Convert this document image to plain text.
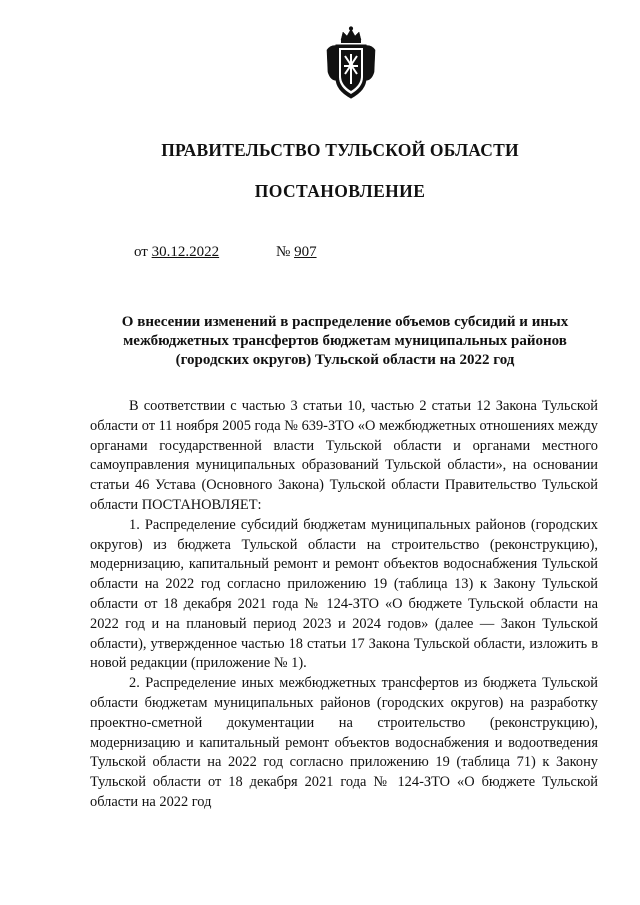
ПРАВИТЕЛЬСТВО ТУЛЬСКОЙ ОБЛАСТИ
ПОСТАНОВЛЕНИЕ
от 30.12.2022	№ 907
О внесении изменений в распределение объемов субсидий и иных межбюджетных трансфертов бюджетам муниципальных районов (городских округов) Тульской области на 2022 год

В соответствии с частью 3 статьи 10, частью 2 статьи 12 Закона Тульской области от 11 ноября 2005 года № 639-ЗТО «О межбюджетных отношениях между органами государственной власти Тульской области и органами местного самоуправления муниципальных образований Тульской области», на основании статьи 46 Устава (Основного Закона) Тульской области Правительство Тульской области ПОСТАНОВЛЯЕТ:

1. Распределение субсидий бюджетам муниципальных районов (городских округов) из бюджета Тульской области на строительство (реконструкцию), модернизацию, капитальный ремонт и ремонт объектов водоснабжения Тульской области на 2022 год согласно приложению 19 (таблица 13) к Закону Тульской области от 18 декабря 2021 года № 124-ЗТО «О бюджете Тульской области на 2022 год и на плановый период 2023 и 2024 годов» (далее — Закон Тульской области), утвержденное частью 18 статьи 17 Закона Тульской области, изложить в новой редакции (приложение № 1).

2. Распределение иных межбюджетных трансфертов из бюджета Тульской области бюджетам муниципальных районов (городских округов) на разработку проектно-сметной документации на строительство (реконструкцию), модернизацию и капитальный ремонт объектов водоснабжения и водоотведения Тульской области на 2022 год согласно приложению 19 (таблица 71) к Закону Тульской области от 18 декабря 2021 года № 124-ЗТО «О бюджете Тульской области на 2022 год
